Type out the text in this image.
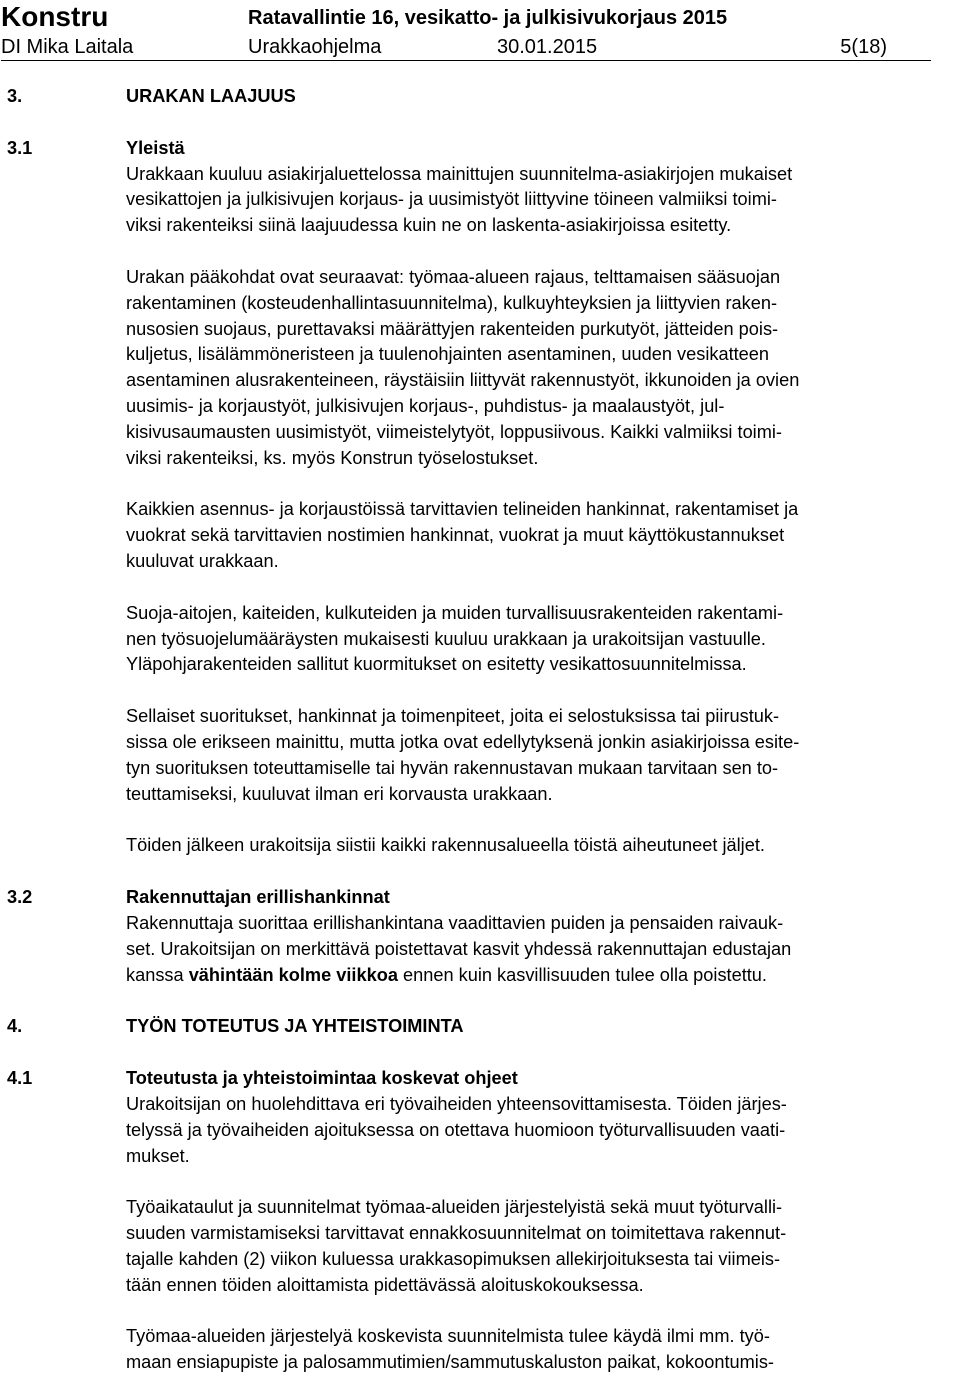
Konstru	Ratavallintie 16, vesikatto- ja julkisivukorjaus 2015
DI Mika Laitala	Urakkaohjelma	30.01.2015	5(18)
3.	URAKAN LAAJUUS
3.1	Yleistä
Urakkaan kuuluu asiakirjaluettelossa mainittujen suunnitelma-asiakirjojen mukaiset
vesikattojen ja julkisivujen korjaus- ja uusimistyöt liittyvine töineen valmiiksi toimi-
viksi rakenteiksi siinä laajuudessa kuin ne on laskenta-asiakirjoissa esitetty.
Urakan pääkohdat ovat seuraavat: työmaa-alueen rajaus, telttamaisen sääsuojan
rakentaminen (kosteudenhallintasuunnitelma), kulkuyhteyksien ja liittyvien raken-
nusosien suojaus, purettavaksi määrättyjen rakenteiden purkutyöt, jätteiden pois-
kuljetus, lisälämmöneristeen ja tuulenohjainten asentaminen, uuden vesikatteen
asentaminen alusrakenteineen, räystäisiin liittyvät rakennustyöt, ikkunoiden ja ovien
uusimis- ja korjaustyöt, julkisivujen korjaus-, puhdistus- ja maalaustyöt, jul-
kisivusaumausten uusimistyöt, viimeistelytyöt, loppusiivous. Kaikki valmiiksi toimi-
viksi rakenteiksi, ks. myös Konstrun työselostukset.
Kaikkien asennus- ja korjaustöissä tarvittavien telineiden hankinnat, rakentamiset ja
vuokrat sekä tarvittavien nostimien hankinnat, vuokrat ja muut käyttökustannukset
kuuluvat urakkaan.
Suoja-aitojen, kaiteiden, kulkuteiden ja muiden turvallisuusrakenteiden rakentami-
nen työsuojelumääräysten mukaisesti kuuluu urakkaan ja urakoitsijan vastuulle.
Yläpohjarakenteiden sallitut kuormitukset on esitetty vesikattosuunnitelmissa.
Sellaiset suoritukset, hankinnat ja toimenpiteet, joita ei selostuksissa tai piirustuk-
sissa ole erikseen mainittu, mutta jotka ovat edellytyksenä jonkin asiakirjoissa esite-
tyn suorituksen toteuttamiselle tai hyvän rakennustavan mukaan tarvitaan sen to-
teuttamiseksi, kuuluvat ilman eri korvausta urakkaan.
Töiden jälkeen urakoitsija siistii kaikki rakennusalueella töistä aiheutuneet jäljet.
3.2	Rakennuttajan erillishankinnat
Rakennuttaja suorittaa erillishankintana vaadittavien puiden ja pensaiden raivauk-
set. Urakoitsijan on merkittävä poistettavat kasvit yhdessä rakennuttajan edustajan
kanssa vähintään kolme viikkoa ennen kuin kasvillisuuden tulee olla poistettu.
4.	TYÖN TOTEUTUS JA YHTEISTOIMINTA
4.1	Toteutusta ja yhteistoimintaa koskevat ohjeet
Urakoitsijan on huolehdittava eri työvaiheiden yhteensovittamisesta. Töiden järjes-
telyssä ja työvaiheiden ajoituksessa on otettava huomioon työturvallisuuden vaati-
mukset.
Työaikataulut ja suunnitelmat työmaa-alueiden järjestelyistä sekä muut työturvalli-
suuden varmistamiseksi tarvittavat ennakkosuunnitelmat on toimitettava rakennut-
tajalle kahden (2) viikon kuluessa urakkasopimuksen allekirjoituksesta tai viimeis-
tään ennen töiden aloittamista pidettävässä aloituskokouksessa.
Työmaa-alueiden järjestelyä koskevista suunnitelmista tulee käydä ilmi mm. työ-
maan ensiapupiste ja palosammutimien/sammutuskaluston paikat, kokoontumis-
